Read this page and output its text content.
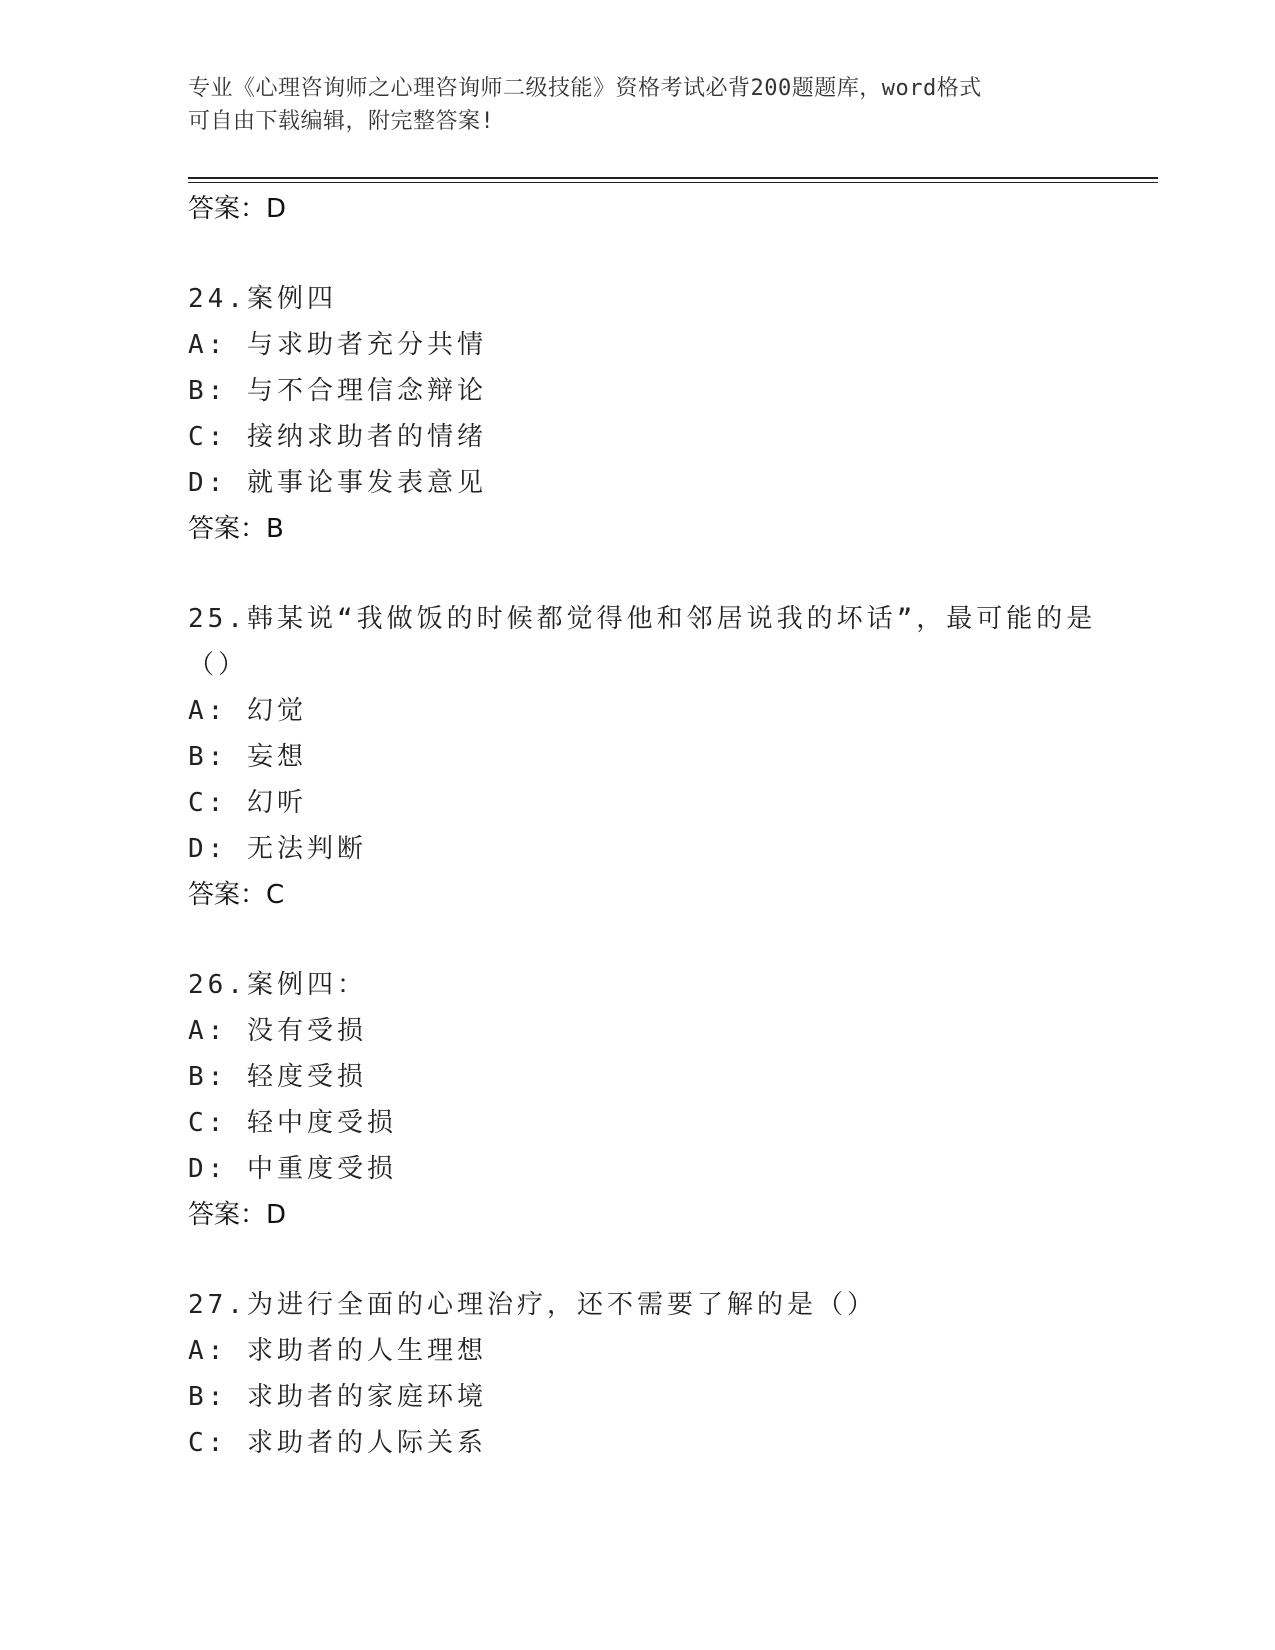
专业《心理咨询师之心理咨询师二级技能》资格考试必背200题题库，word格式
可自由下载编辑，附完整答案!
答案：D
24.案例四
A: 与求助者充分共情
B: 与不合理信念辩论
C: 接纳求助者的情绪
D: 就事论事发表意见
答案：B
25.韩某说“我做饭的时候都觉得他和邻居说我的坏话”，最可能的是
（）
A: 幻觉
B: 妄想
C: 幻听
D: 无法判断
答案：C
26.案例四：
A: 没有受损
B: 轻度受损
C: 轻中度受损
D: 中重度受损
答案：D
27.为进行全面的心理治疗，还不需要了解的是（）
A: 求助者的人生理想
B: 求助者的家庭环境
C: 求助者的人际关系
